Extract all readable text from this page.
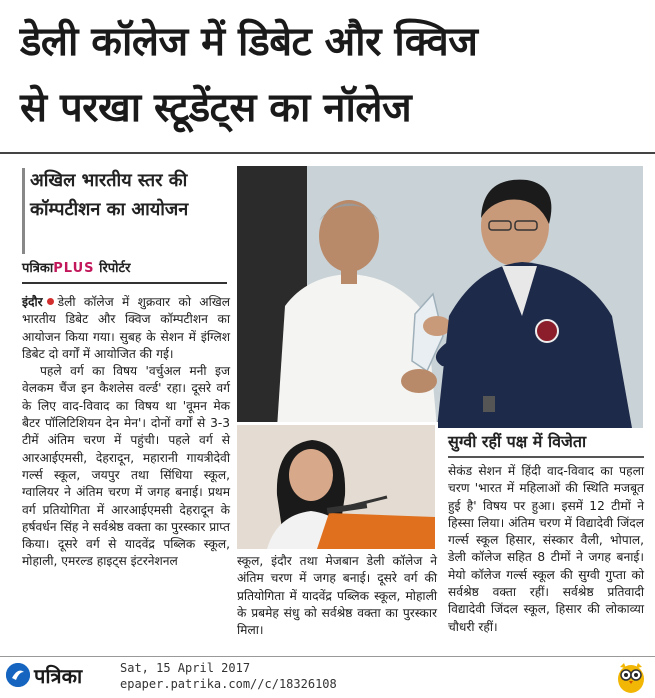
डेली कॉलेज में डिबेट और क्विज
से परखा स्टूडेंट्स का नॉलेज
अखिल भारतीय स्तर की कॉम्पटीशन का आयोजन
पत्रिकाPLUS रिपोर्टर
इंदौर डेली कॉलेज में शुक्रवार को अखिल भारतीय डिबेट और क्विज कॉम्पटीशन का आयोजन किया गया। सुबह के सेशन में इंग्लिश डिबेट दो वर्गों में आयोजित की गई।
पहले वर्ग का विषय 'वर्चुअल मनी इज वेलकम चैंज इन कैशलेस वर्ल्ड' रहा। दूसरे वर्ग के लिए वाद-विवाद का विषय था 'वूमन मेक बैटर पॉलिटिशियन देन मेन'। दोनों वर्गों से 3-3 टीमें अंतिम चरण में पहुंची। पहले वर्ग से आरआईएमसी, देहरादून, महारानी गायत्रीदेवी गर्ल्स स्कूल, जयपुर तथा सिंधिया स्कूल, ग्वालियर ने अंतिम चरण में जगह बनाई। प्रथम वर्ग प्रतियोगिता में आरआईएमसी देहरादून के हर्षवर्धन सिंह ने सर्वश्रेष्ठ वक्ता का पुरस्कार प्राप्त किया। दूसरे वर्ग से यादवेंद्र पब्लिक स्कूल, मोहाली, एमरल्ड हाइट्स इंटरनेशनल	स्कूल, इंदौर तथा मेजबान डेली कॉलेज ने अंतिम चरण में जगह बनाई। दूसरे वर्ग की प्रतियोगिता में यादवेंद्र पब्लिक स्कूल, मोहाली के प्रबमेह संधु को सर्वश्रेष्ठ वक्ता का पुरस्कार मिला।
सुग्वी रहीं पक्ष में विजेता
सेकंड सेशन में हिंदी वाद-विवाद का पहला चरण 'भारत में महिलाओं की स्थिति मजबूत हुई है' विषय पर हुआ। इसमें 12 टीमों ने हिस्सा लिया। अंतिम चरण में विद्यादेवी जिंदल गर्ल्स स्कूल हिसार, संस्कार वैली, भोपाल, डेली कॉलेज सहित 8 टीमों ने जगह बनाई। मेयो कॉलेज गर्ल्स स्कूल की सुग्वी गुप्ता को सर्वश्रेष्ठ वक्ता रहीं। सर्वश्रेष्ठ प्रतिवादी विद्यादेवी जिंदल स्कूल, हिसार की लोकाव्या चौधरी रहीं।
पत्रिका	Sat, 15 April 2017
epaper.patrika.com//c/18326108
